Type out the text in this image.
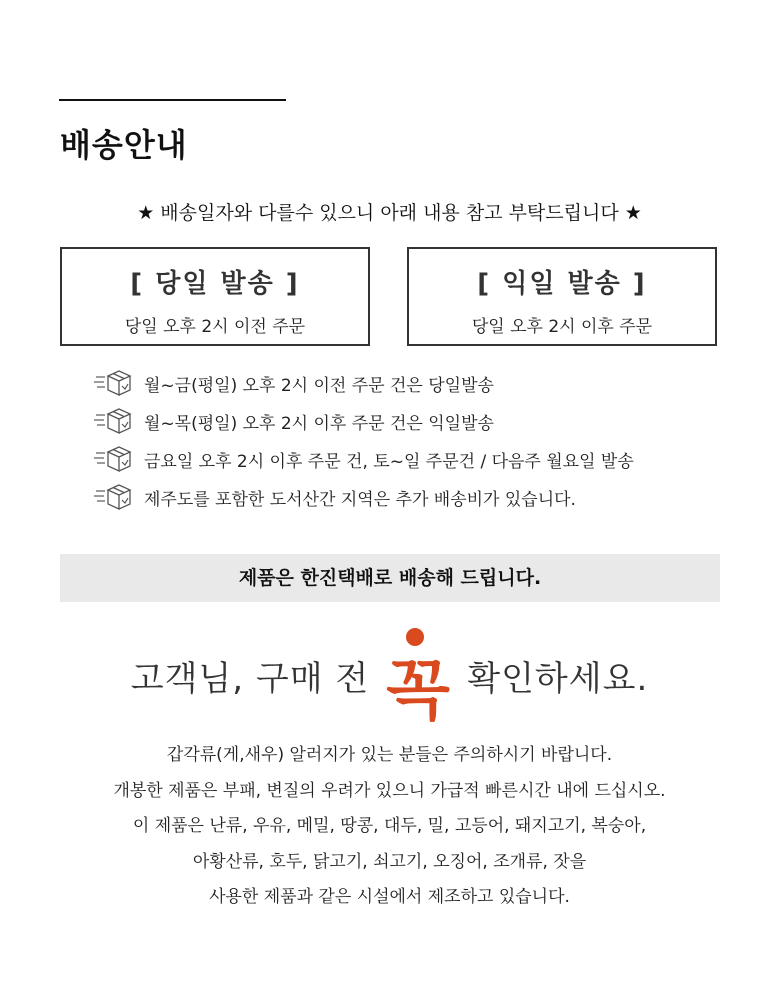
배송안내
★ 배송일자와 다를수 있으니 아래 내용 참고 부탁드립니다 ★
[ 당일 발송 ]
당일 오후 2시 이전 주문
[ 익일 발송 ]
당일 오후 2시 이후 주문
월~금(평일) 오후 2시 이전 주문 건은 당일발송
월~목(평일) 오후 2시 이후 주문 건은 익일발송
금요일 오후 2시 이후 주문 건, 토~일 주문건 / 다음주 월요일 발송
제주도를 포함한 도서산간 지역은 추가 배송비가 있습니다.
제품은 한진택배로 배송해 드립니다.
고객님, 구매 전 꼭 확인하세요.
갑각류(게,새우) 알러지가 있는 분들은 주의하시기 바랍니다.
개봉한 제품은 부패, 변질의 우려가 있으니 가급적 빠른시간 내에 드십시오.
이 제품은 난류, 우유, 메밀, 땅콩, 대두, 밀, 고등어, 돼지고기, 복숭아,
아황산류, 호두, 닭고기, 쇠고기, 오징어, 조개류, 잣을
사용한 제품과 같은 시설에서 제조하고 있습니다.
